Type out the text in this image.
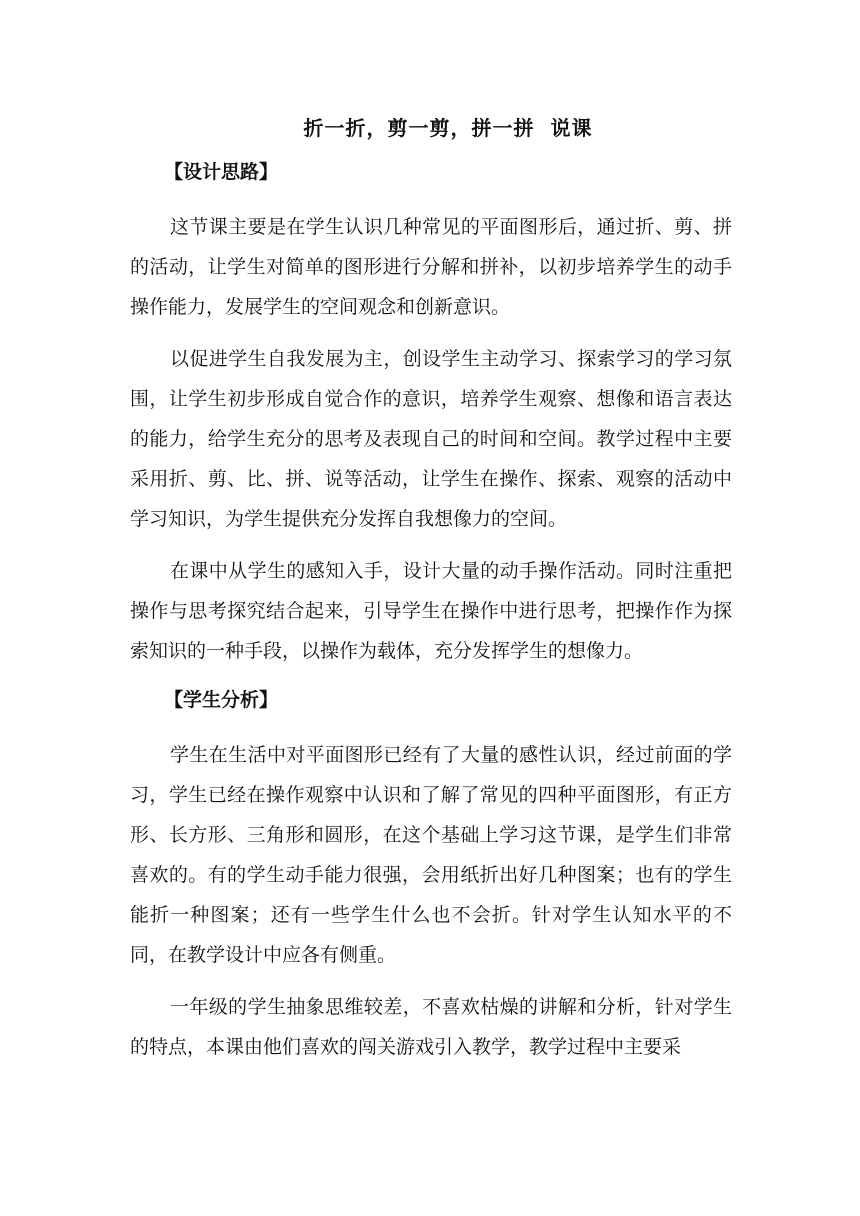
折一折，剪一剪，拼一拼  说课
【设计思路】

这节课主要是在学生认识几种常见的平面图形后，通过折、剪、拼的活动，让学生对简单的图形进行分解和拼补，以初步培养学生的动手操作能力，发展学生的空间观念和创新意识。

以促进学生自我发展为主，创设学生主动学习、探索学习的学习氛围，让学生初步形成自觉合作的意识，培养学生观察、想像和语言表达的能力，给学生充分的思考及表现自己的时间和空间。教学过程中主要采用折、剪、比、拼、说等活动，让学生在操作、探索、观察的活动中学习知识，为学生提供充分发挥自我想像力的空间。

在课中从学生的感知入手，设计大量的动手操作活动。同时注重把操作与思考探究结合起来，引导学生在操作中进行思考，把操作作为探索知识的一种手段，以操作为载体，充分发挥学生的想像力。

【学生分析】

学生在生活中对平面图形已经有了大量的感性认识，经过前面的学习，学生已经在操作观察中认识和了解了常见的四种平面图形，有正方形、长方形、三角形和圆形，在这个基础上学习这节课，是学生们非常喜欢的。有的学生动手能力很强，会用纸折出好几种图案；也有的学生能折一种图案；还有一些学生什么也不会折。针对学生认知水平的不同，在教学设计中应各有侧重。

一年级的学生抽象思维较差，不喜欢枯燥的讲解和分析，针对学生的特点，本课由他们喜欢的闯关游戏引入教学，教学过程中主要采
